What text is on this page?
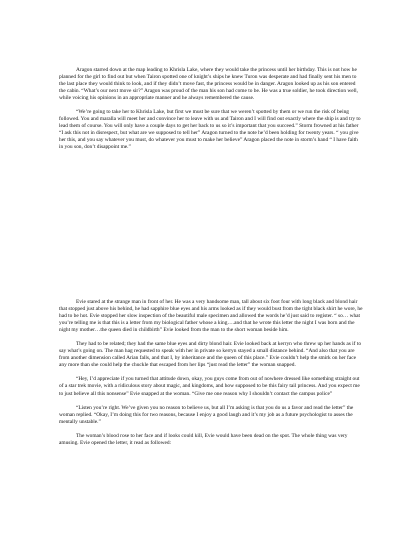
Aragon starred down at the map leading to Khrisla Lake, where they would take the princess until her birthday. This is not how he planned for the girl to find out but when Tairon spotted one of knight’s ships he knew Turon was desperate and had finally sent his men to the last place they would think to look, and if they didn’t move fast, the princess would be in danger. Aragon looked up as his son entered the cabin. “What’s our next move sir?” Aragon was proud of the man his son had come to be. He was a true soldier, he took direction well, while voicing his opinions in an appropriate manner and he always remembered the cause.

“We’re going to take her to Khrisla Lake, but first we must be sure that we weren’t spotted by them or we run the risk of being followed. You and maralla will meet her and convince her to leave with us and Tairon and I will find out exactly where the ship is and try to lead them of course. You will only have a couple days to get her back to us so it’s important that you succeed.” Storm frowned at his father “I ask this not in disrespect, but what are we supposed to tell her” Aragon turned to the note he’d been holding for twenty years. “ you give her this, and you say whatever you must, do whatever you must to make her believe” Aragon placed the note in storm’s hand “ I have faith in you son, don’t disappoint me.”

Evie stared at the strange man in front of her. He was a very handsome man, tall about six foot four with long black and blond hair that stopped just above his behind, he had sapphire blue eyes and his arms looked as if they would bust from the tight black shirt he wore, he had to be hot. Evie stopped her slow inspection of the beautiful male specimen and allowed the words he’d just said to register. “ so… what you’re telling me is that this is a letter from my biological father whose a king….and that he wrote this letter the night I was born and the night my mother…the queen died in childbirth” Evie looked from the man to the short woman beside him.

They had to be related; they had the same blue eyes and dirty blond hair. Evie looked back at kerryn who threw up her hands as if to say what’s going on. The man hag requested to speak with her in private so kerryn stayed a small distance behind. “And also that you are from another dimension called Arian falls, and that I, by inheritance and the queen of this place.” Evie couldn’t help the smirk on her face any more than she could help the chuckle that escaped from her lips “just read the letter” the woman snapped.

“Hey, I’d appreciate if you turned that attitude down, okay, you guys come from out of nowhere dressed like something straight out of a star trek movie, with a ridiculous story about magic, and kingdoms, and how supposed to be this fairy tail princess. And you expect me to just believe all this nonsense” Evie snapped at the woman. “Give me one reason why I shouldn’t contact the campus police”

“Listen you’re right. We’ve given you no reason to believe us, but all I’m asking is that you do us a favor and read the letter” the woman replied. “Okay, I’m doing this for two reasons, because I enjoy a good laugh and it’s my job as a future psychologist to asses the mentally unstable.”

The woman’s blood rose to her face and if looks could kill, Evie would have been dead on the spot. The whole thing was very amusing. Evie opened the letter, it read as followed:
